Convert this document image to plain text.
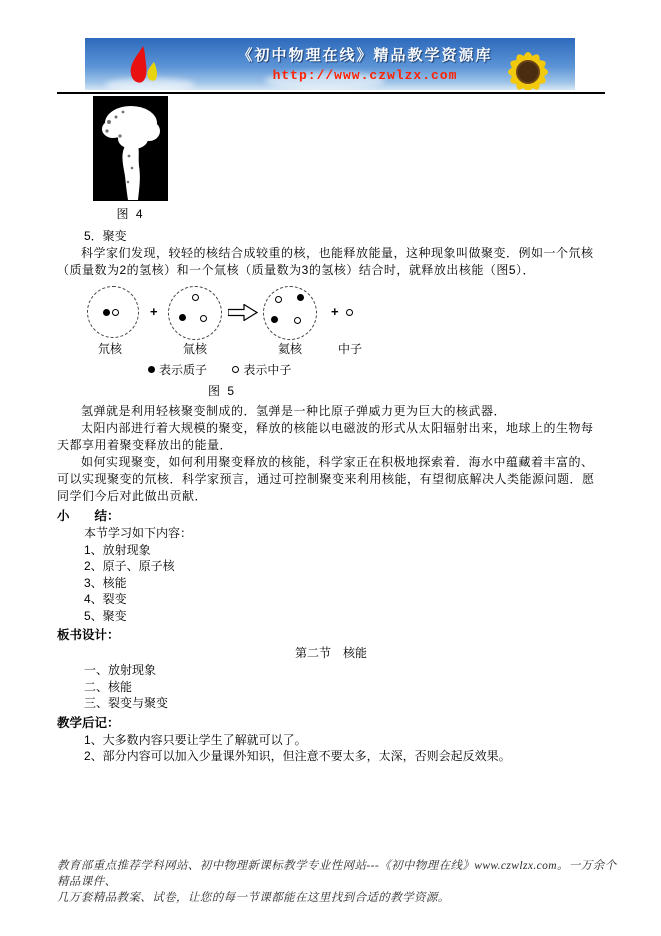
《初中物理在线》精品教学资源库
http://www.czwlzx.com
图 4
5．聚变
科学家们发现，较轻的核结合成较重的核，也能释放能量，这种现象叫做聚变．例如一个氘核（质量数为2的氢核）和一个氚核（质量数为3的氢核）结合时，就释放出核能（图5）．
+	+
氘核	氚核	氦核	中子
表示质子	表示中子
图 5
氢弹就是利用轻核聚变制成的．氢弹是一种比原子弹威力更为巨大的核武器．
太阳内部进行着大规模的聚变，释放的核能以电磁波的形式从太阳辐射出来，地球上的生物每天都享用着聚变释放出的能量．
如何实现聚变，如何利用聚变释放的核能，科学家正在积极地探索着．海水中蕴藏着丰富的、可以实现聚变的氘核．科学家预言，通过可控制聚变来利用核能，有望彻底解决人类能源问题．愿同学们今后对此做出贡献．
小　　结：
本节学习如下内容：
1、放射现象
2、原子、原子核
3、核能
4、裂变
5、聚变
板书设计：
第二节　核能
一、放射现象
二、核能
三、裂变与聚变
教学后记：
1、大多数内容只要让学生了解就可以了。
2、部分内容可以加入少量课外知识，但注意不要太多，太深，否则会起反效果。
教育部重点推荐学科网站、初中物理新课标教学专业性网站---《初中物理在线》www.czwlzx.com。一万余个精品课件、
几万套精品教案、试卷，让您的每一节课都能在这里找到合适的教学资源。
